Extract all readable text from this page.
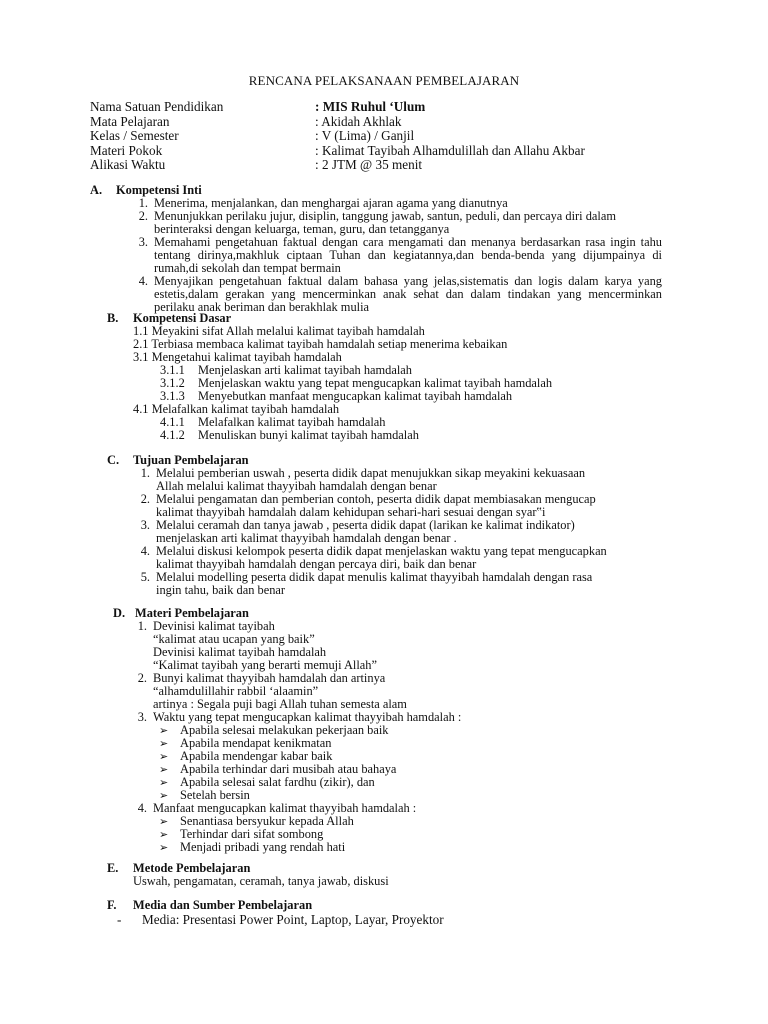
RENCANA PELAKSANAAN PEMBELAJARAN
Nama Satuan Pendidikan	: MIS Ruhul ‘Ulum
Mata Pelajaran	: Akidah Akhlak
Kelas / Semester	: V (Lima) / Ganjil
Materi Pokok	: Kalimat Tayibah Alhamdulillah dan Allahu Akbar
Alikasi Waktu	: 2 JTM @ 35 menit
A.	Kompetensi Inti
1. Menerima, menjalankan, dan menghargai ajaran agama yang dianutnya
2. Menunjukkan perilaku jujur, disiplin, tanggung jawab, santun, peduli, dan percaya diri dalam berinteraksi dengan keluarga, teman, guru, dan tetangganya
3. Memahami pengetahuan faktual dengan cara mengamati dan menanya berdasarkan rasa ingin tahu tentang dirinya,makhluk ciptaan Tuhan dan kegiatannya,dan benda-benda yang dijumpainya di rumah,di sekolah dan tempat bermain
4. Menyajikan pengetahuan faktual dalam bahasa yang jelas,sistematis dan logis dalam karya yang estetis,dalam gerakan yang mencerminkan anak sehat dan dalam tindakan yang mencerminkan perilaku anak beriman dan berakhlak mulia
B.	Kompetensi Dasar
1.1 Meyakini sifat Allah melalui kalimat tayibah hamdalah
2.1 Terbiasa membaca kalimat tayibah hamdalah setiap menerima kebaikan
3.1 Mengetahui kalimat tayibah hamdalah
3.1.1	Menjelaskan arti kalimat tayibah hamdalah
3.1.2	Menjelaskan waktu yang tepat mengucapkan kalimat tayibah hamdalah
3.1.3	Menyebutkan manfaat mengucapkan kalimat tayibah hamdalah
4.1 Melafalkan kalimat tayibah hamdalah
4.1.1	Melafalkan kalimat tayibah hamdalah
4.1.2	Menuliskan bunyi kalimat tayibah hamdalah
C.	Tujuan Pembelajaran
1. Melalui pemberian uswah , peserta didik dapat menujukkan sikap meyakini kekuasaan
Allah melalui kalimat thayyibah hamdalah dengan benar
2. Melalui pengamatan dan pemberian contoh, peserta didik dapat membiasakan mengucap
kalimat thayyibah hamdalah dalam kehidupan sehari-hari sesuai dengan syar‟i
3. Melalui ceramah dan tanya jawab , peserta didik dapat (larikan ke kalimat indikator)
menjelaskan arti kalimat thayyibah hamdalah dengan benar .
4. Melalui diskusi kelompok peserta didik dapat menjelaskan waktu yang tepat mengucapkan
kalimat thayyibah hamdalah dengan percaya diri, baik dan benar
5. Melalui modelling peserta didik dapat menulis kalimat thayyibah hamdalah dengan rasa
ingin tahu, baik dan benar
D. Materi Pembelajaran
1. Devinisi kalimat tayibah
“kalimat atau ucapan yang baik”
Devinisi kalimat tayibah hamdalah
“Kalimat tayibah yang berarti memuji Allah”
2. Bunyi kalimat thayyibah hamdalah dan artinya
“alhamdulillahir rabbil ‘alaamin”
artinya : Segala puji bagi Allah tuhan semesta alam
3. Waktu yang tepat mengucapkan kalimat thayyibah hamdalah :
➢ Apabila selesai melakukan pekerjaan baik
➢ Apabila mendapat kenikmatan
➢ Apabila mendengar kabar baik
➢ Apabila terhindar dari musibah atau bahaya
➢ Apabila selesai salat fardhu (zikir), dan
➢ Setelah bersin
4. Manfaat mengucapkan kalimat thayyibah hamdalah :
➢ Senantiasa bersyukur kepada Allah
➢ Terhindar dari sifat sombong
➢ Menjadi pribadi yang rendah hati
E.	Metode Pembelajaran
Uswah, pengamatan, ceramah, tanya jawab, diskusi
F.	Media dan Sumber Pembelajaran
-	Media: Presentasi Power Point, Laptop, Layar, Proyektor
